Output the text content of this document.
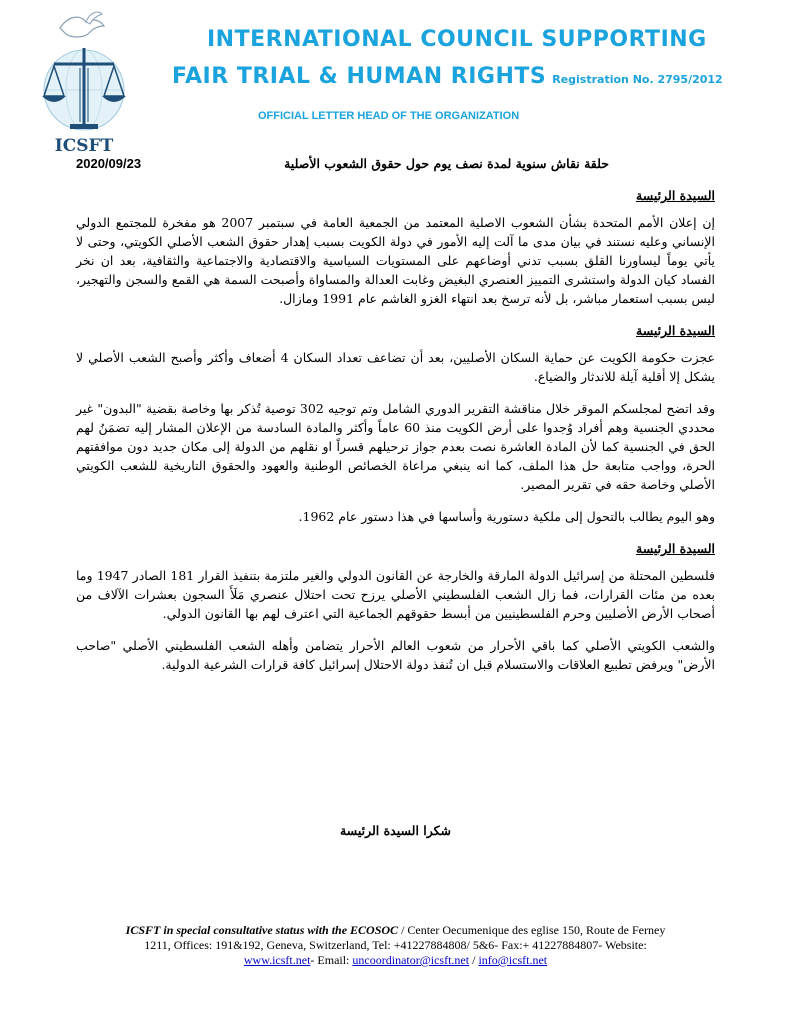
ICSFT
INTERNATIONAL COUNCIL SUPPORTING
FAIR TRIAL & HUMAN RIGHTS Registration No. 2795/2012
OFFICIAL LETTER HEAD OF THE ORGANIZATION
2020/09/23	حلقة نقاش سنوية لمدة نصف يوم حول حقوق الشعوب الأصلية

السيدة الرئيسة

إن إعلان الأمم المتحدة بشأن الشعوب الاصلية المعتمد من الجمعية العامة في سبتمبر 2007 هو مفخرة للمجتمع الدولي الإنساني وعليه نستند في بيان مدى ما آلت إليه الأمور في دولة الكويت بسبب إهدار حقوق الشعب الأصلي الكويتي، وحتى لا يأتي يوماً ليساورنا القلق بسبب تدني أوضاعهم على المستويات السياسية والاقتصادية والاجتماعية والثقافية، بعد ان نخر الفساد كيان الدولة واستشرى التمييز العنصري البغيض وغابت العدالة والمساواة وأصبحت السمة هي القمع والسجن والتهجير، ليس بسبب استعمار مباشر، بل لأنه ترسخ بعد انتهاء الغزو الغاشم عام 1991 ومازال.

السيدة الرئيسة

عجزت حكومة الكويت عن حماية السكان الأصليين، بعد أن تضاعف تعداد السكان 4 أضعاف وأكثر وأصبح الشعب الأصلي لا يشكل إلا أقلية آيلة للاندثار والضياع.

وقد اتضح لمجلسكم الموقر خلال مناقشة التقرير الدوري الشامل وتم توجيه 302 توصية تُذكر بها وخاصة بقضية "البدون" غير محددي الجنسية وهم أفراد وُجدوا على أرض الكويت منذ 60 عاماً وأكثر والمادة السادسة من الإعلان المشار إليه تضمَنُ لهم الحق في الجنسية كما لأن المادة العاشرة نصت بعدم جواز ترحيلهم قسراً او نقلهم من الدولة إلى مكان جديد دون موافقتهم الحرة، وواجب متابعة حل هذا الملف، كما انه ينبغي مراعاة الخصائص الوطنية والعهود والحقوق التاريخية للشعب الكويتي الأصلي وخاصة حقه في تقرير المصير.

وهو اليوم يطالب بالتحول إلى ملكية دستورية وأساسها في هذا دستور عام 1962.

السيدة الرئيسة

فلسطين المحتلة من إسرائيل الدولة المارقة والخارجة عن القانون الدولي والغير ملتزمة بتنفيذ القرار 181 الصادر 1947 وما بعده من مئات القرارات، فما زال الشعب الفلسطيني الأصلي يرزح تحت احتلال عنصري مَلَأَ السجون بعشرات الآلاف من أصحاب الأرض الأصليين وحرم الفلسطينيين من أبسط حقوقهم الجماعية التي اعترف لهم بها القانون الدولي.

والشعب الكويتي الأصلي كما باقي الأحرار من شعوب العالم الأحرار يتضامن وأهله الشعب الفلسطيني الأصلي "صاحب الأرض" ويرفض تطبيع العلاقات والاستسلام قبل ان تُنفذ دولة الاحتلال إسرائيل كافة قرارات الشرعية الدولية.

شكرا السيدة الرئيسة
ICSFT in special consultative status with the ECOSOC / Center Oecumenique des eglise 150, Route de Ferney
1211, Offices: 191&192, Geneva, Switzerland, Tel: +41227884808/ 5&6- Fax:+ 41227884807- Website:
www.icsft.net- Email: uncoordinator@icsft.net / info@icsft.net
